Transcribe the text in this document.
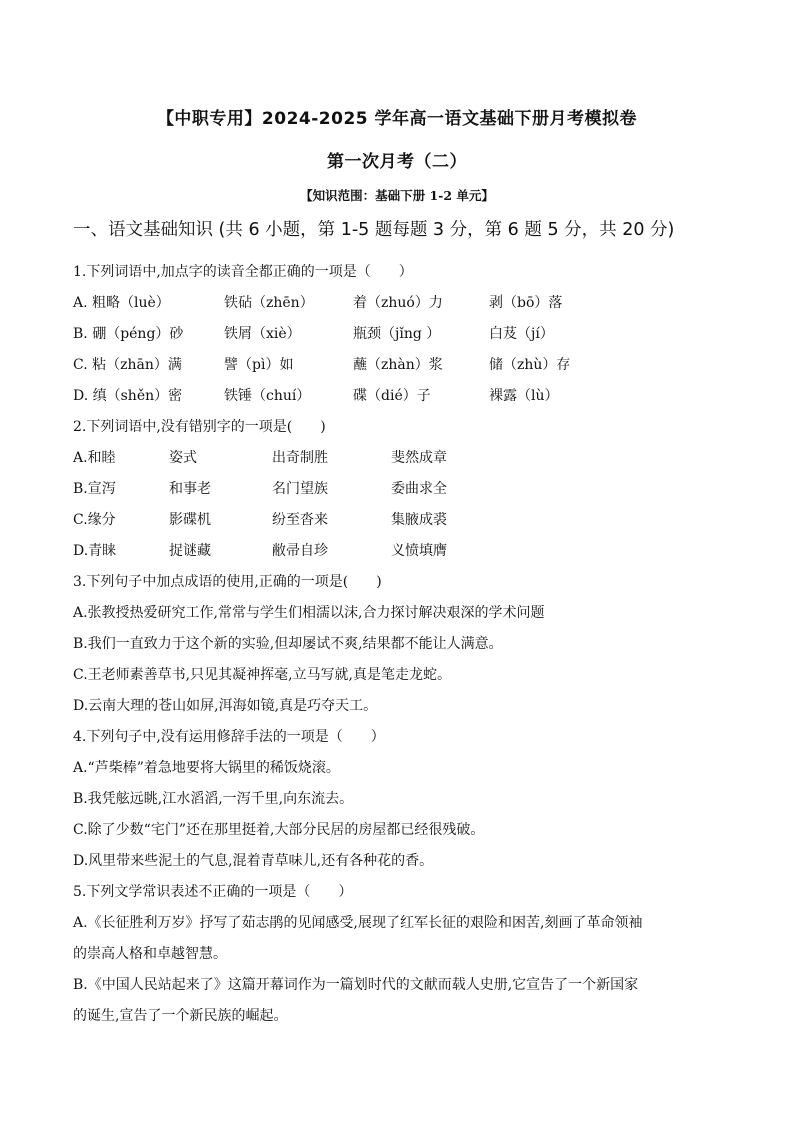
【中职专用】2024-2025 学年高一语文基础下册月考模拟卷
第一次月考（二）
【知识范围：基础下册 1-2 单元】
一、语文基础知识 (共 6 小题，第 1-5 题每题 3 分，第 6 题 5 分，共 20 分)
1.下列词语中,加点字的读音全都正确的一项是（　　）
A. 粗略（luè）	铁砧（zhēn）	着（zhuó）力	剥（bō）落
B. 硼（péng）砂	铁屑（xiè）	瓶颈（jǐng ）	白芨（jí）
C. 粘（zhān）满	譬（pì）如	蘸（zhàn）浆	储（zhù）存
D. 缜（shěn）密	铁锤（chuí）	碟（dié）子	裸露（lù）
2.下列词语中,没有错别字的一项是(　　)
A.和睦	姿式	出奇制胜	斐然成章
B.宣泻	和事老	名门望族	委曲求全
C.缘分	影碟机	纷至沓来	集腋成裘
D.青睐	捉谜藏	敝帚自珍	义愤填膺
3.下列句子中加点成语的使用,正确的一项是(　　)
A.张教授热爱研究工作,常常与学生们相濡以沫,合力探讨解决艰深的学术问题
B.我们一直致力于这个新的实验,但却屡试不爽,结果都不能让人满意。
C.王老师素善草书,只见其凝神挥毫,立马写就,真是笔走龙蛇。
D.云南大理的苍山如屏,洱海如镜,真是巧夺天工。
4.下列句子中,没有运用修辞手法的一项是（　　）
A.“芦柴棒”着急地要将大锅里的稀饭烧滚。
B.我凭舷远眺,江水滔滔,一泻千里,向东流去。
C.除了少数“宅门”还在那里挺着,大部分民居的房屋都已经很残破。
D.风里带来些泥土的气息,混着青草味儿,还有各种花的香。
5.下列文学常识表述不正确的一项是（　　）
A.《长征胜利万岁》抒写了茹志鹃的见闻感受,展现了红军长征的艰险和困苦,刻画了革命领袖
的崇高人格和卓越智慧。
B.《中国人民站起来了》这篇开幕词作为一篇划时代的文献而载人史册,它宣告了一个新国家
的诞生,宣告了一个新民族的崛起。
